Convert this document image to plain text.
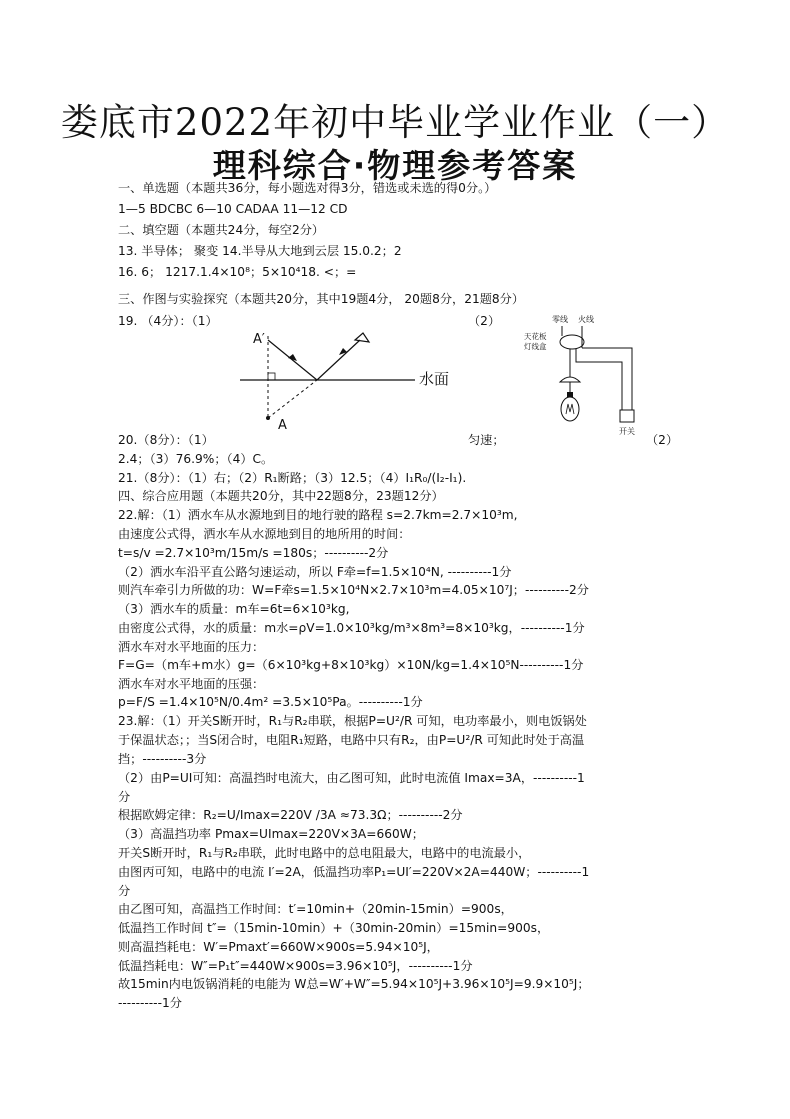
娄底市2022年初中毕业学业作业（一）
理科综合·物理参考答案
一、单选题（本题共36分，每小题选对得3分，错选或未选的得0分。）
1—5 BDCBC 6—10 CADAA 11—12 CD
二、填空题（本题共24分，每空2分）
13. 半导体； 聚变 14.半导从大地到云层 15.0.2；2
16. 6； 1217.1.4×10⁸；5×10⁴18. <；=
三、作图与实验探究（本题共20分，其中19题4分， 20题8分，21题8分）
19. （4分）：（1）	（2）
A′
A
水面
零线 火线
天花板
灯线盒
开关
20.（8分）：（1）	匀速；	（2）
2.4；（3）76.9%；（4）C。
21.（8分）：（1）右；（2）R₁断路；（3）12.5；（4）I₁R₀/(I₂-I₁).
四、综合应用题（本题共20分，其中22题8分，23题12分）
22.解：（1）洒水车从水源地到目的地行驶的路程 s=2.7km=2.7×10³m,
由速度公式得，洒水车从水源地到目的地所用的时间：
t=s/v =2.7×10³m/15m/s =180s；----------2分
（2）洒水车沿平直公路匀速运动，所以 F牵=f=1.5×10⁴N, ----------1分
则汽车牵引力所做的功：W=F牵s=1.5×10⁴N×2.7×10³m=4.05×10⁷J；----------2分
（3）洒水车的质量：m车=6t=6×10³kg,
由密度公式得，水的质量：m水=ρV=1.0×10³kg/m³×8m³=8×10³kg，----------1分
洒水车对水平地面的压力：
F=G=（m车+m水）g=（6×10³kg+8×10³kg）×10N/kg=1.4×10⁵N----------1分
洒水车对水平地面的压强：
p=F/S =1.4×10⁵N/0.4m² =3.5×10⁵Pa。----------1分
23.解：（1）开关S断开时，R₁与R₂串联，根据P=U²/R 可知，电功率最小，则电饭锅处
于保温状态；；当S闭合时，电阻R₁短路，电路中只有R₂，由P=U²/R 可知此时处于高温
挡；----------3分
（2）由P=UI可知：高温挡时电流大，由乙图可知，此时电流值 Imax=3A，----------1
分
根据欧姆定律：R₂=U/Imax=220V /3A ≈73.3Ω；----------2分
（3）高温挡功率 Pmax=UImax=220V×3A=660W；
开关S断开时，R₁与R₂串联，此时电路中的总电阻最大，电路中的电流最小，
由图丙可知，电路中的电流 I′=2A，低温挡功率P₁=UI′=220V×2A=440W；----------1
分
由乙图可知，高温挡工作时间：t′=10min+（20min-15min）=900s，
低温挡工作时间 t″=（15min-10min）+（30min-20min）=15min=900s，
则高温挡耗电：W′=Pmaxt′=660W×900s=5.94×10⁵J，
低温挡耗电：W″=P₁t″=440W×900s=3.96×10⁵J，----------1分
故15min内电饭锅消耗的电能为 W总=W′+W″=5.94×10⁵J+3.96×10⁵J=9.9×10⁵J；
----------1分
